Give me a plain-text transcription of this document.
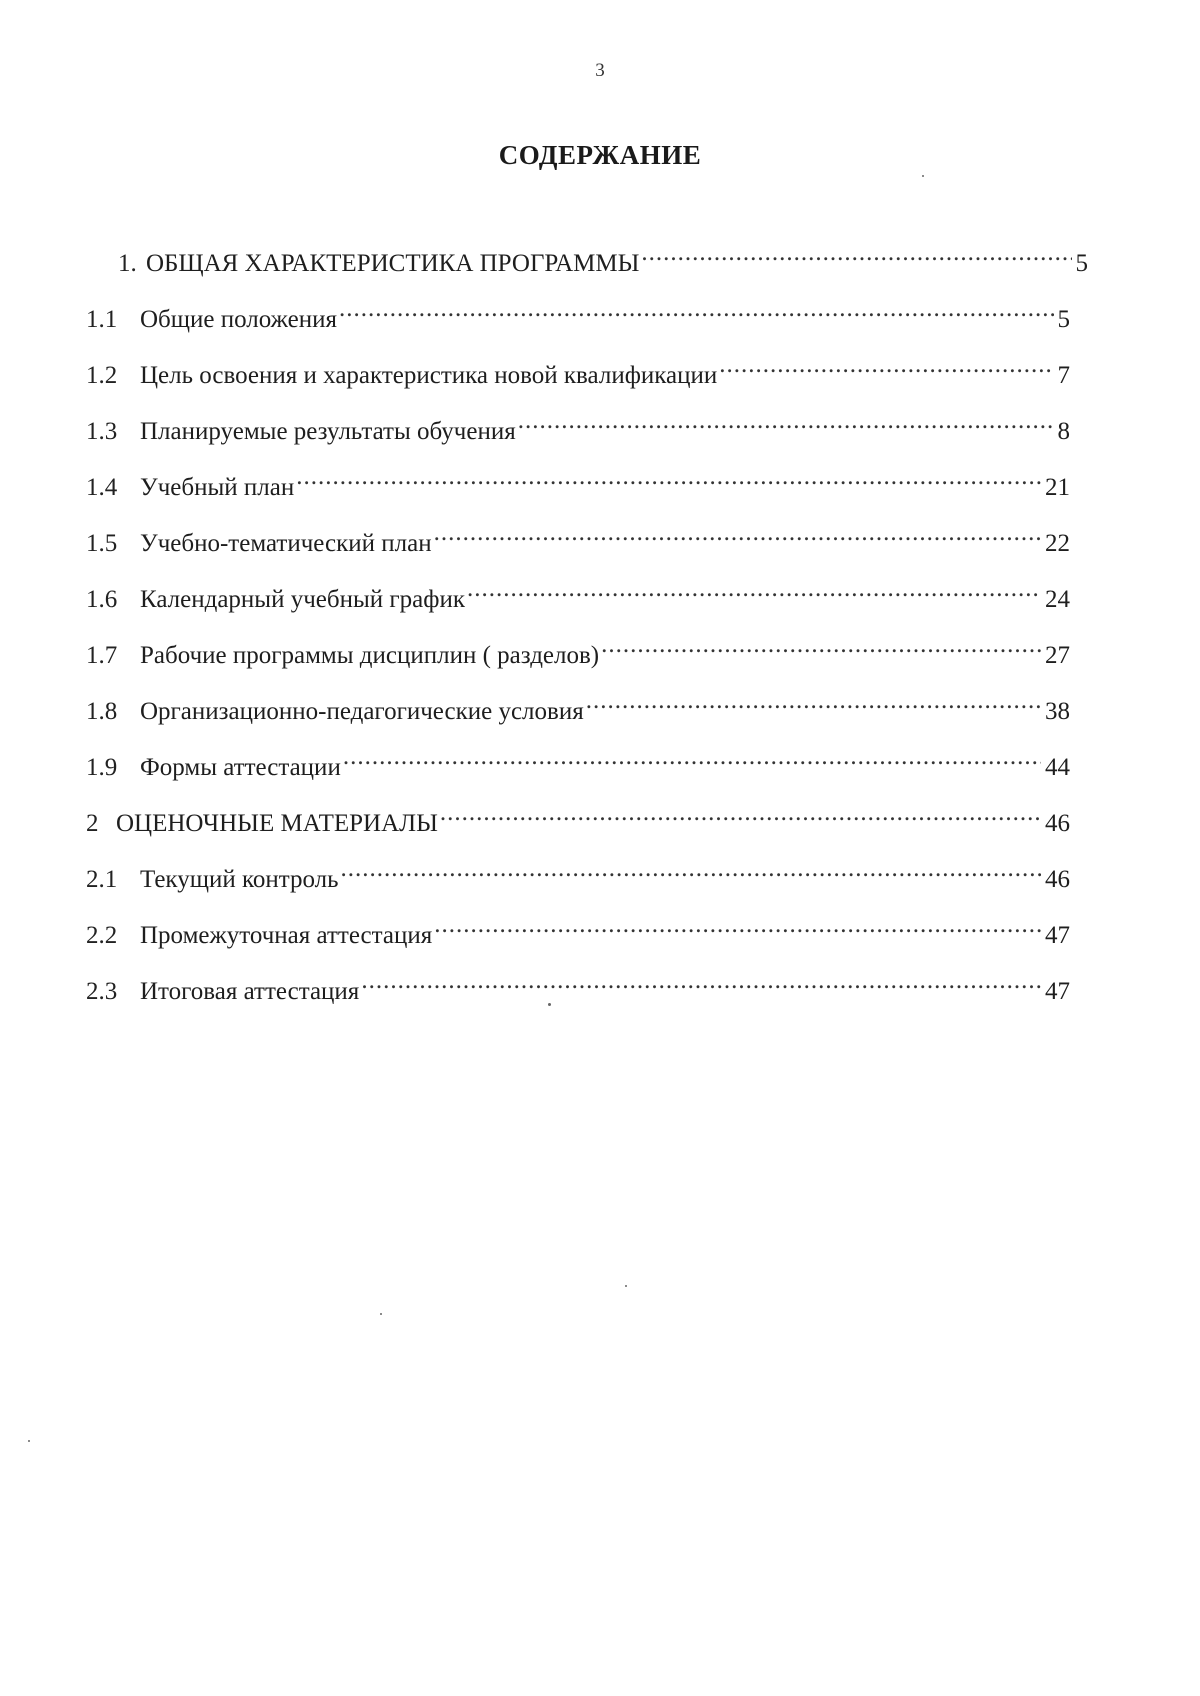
3
СОДЕРЖАНИЕ
1. ОБЩАЯ ХАРАКТЕРИСТИКА ПРОГРАММЫ .....	5
1.1 Общие положения .....	5
1.2 Цель освоения и характеристика новой квалификации .....	7
1.3 Планируемые результаты обучения .....	8
1.4 Учебный план .....	21
1.5 Учебно-тематический план .....	22
1.6 Календарный учебный график .....	24
1.7 Рабочие программы дисциплин ( разделов) .....	27
1.8 Организационно-педагогические условия .....	38
1.9 Формы аттестации .....	44
2 ОЦЕНОЧНЫЕ МАТЕРИАЛЫ .....	46
2.1 Текущий контроль .....	46
2.2 Промежуточная аттестация .....	47
2.3 Итоговая аттестация .....	47
